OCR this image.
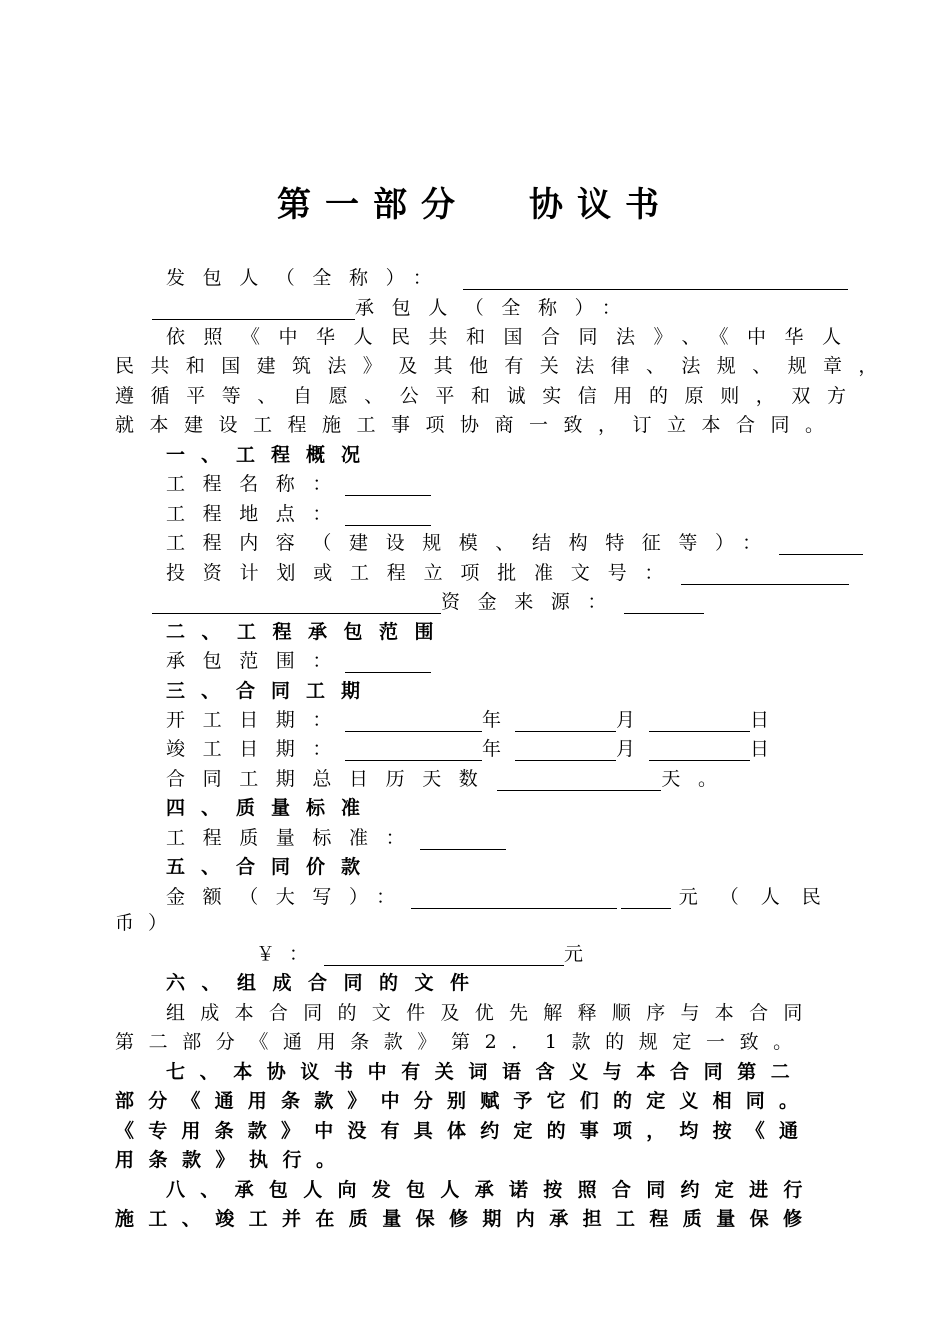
第一部分 协议书
发包人（全称）：
承包人（全称）：
依照《中华人民共和国合同法》、《中华人
民共和国建筑法》及其他有关法律、法规、规章，
遵循平等、自愿、公平和诚实信用的原则，双方
就本建设工程施工事项协商一致，订立本合同。
一、工程概况
工程名称：
工程地点：
工程内容（建设规模、结构特征等）：
投资计划或工程立项批准文号：
资金来源：
二、工程承包范围
承包范围：
三、合同工期
开工日期：	年	月	日
竣工日期：	年	月	日
合同工期总日历天数	天。
四、质量标准
工程质量标准：
五、合同价款
金额（大写）：	元（人民
币）
￥：	元
六、组成合同的文件
组成本合同的文件及优先解释顺序与本合同
第二部分《通用条款》第2．1款的规定一致。
七、本协议书中有关词语含义与本合同第二
部分《通用条款》中分别赋予它们的定义相同。
《专用条款》中没有具体约定的事项，均按《通
用条款》执行。
八、承包人向发包人承诺按照合同约定进行
施工、竣工并在质量保修期内承担工程质量保修
